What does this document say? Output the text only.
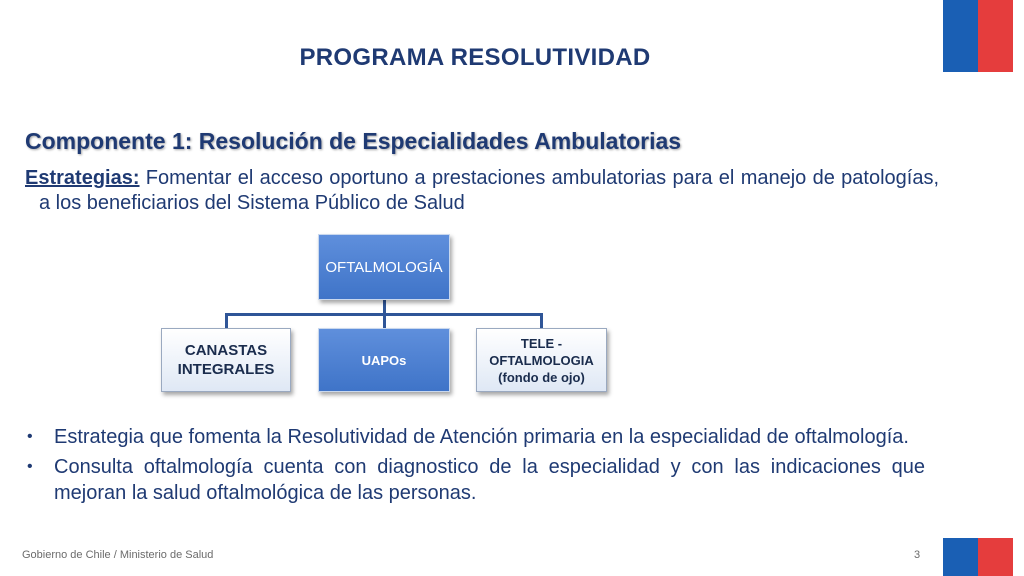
PROGRAMA RESOLUTIVIDAD
Componente 1: Resolución de Especialidades Ambulatorias
Estrategias: Fomentar el acceso oportuno a prestaciones ambulatorias para el manejo de patologías, a los beneficiarios del Sistema Público de Salud
OFTALMOLOGÍA
CANASTAS INTEGRALES
UAPOs
TELE - OFTALMOLOGIA (fondo de ojo)
• Estrategia que fomenta la Resolutividad de Atención primaria en la especialidad de oftalmología.
• Consulta oftalmología cuenta con diagnostico de la especialidad y con las indicaciones que mejoran la salud oftalmológica de las personas.
Gobierno de Chile / Ministerio de Salud	3
